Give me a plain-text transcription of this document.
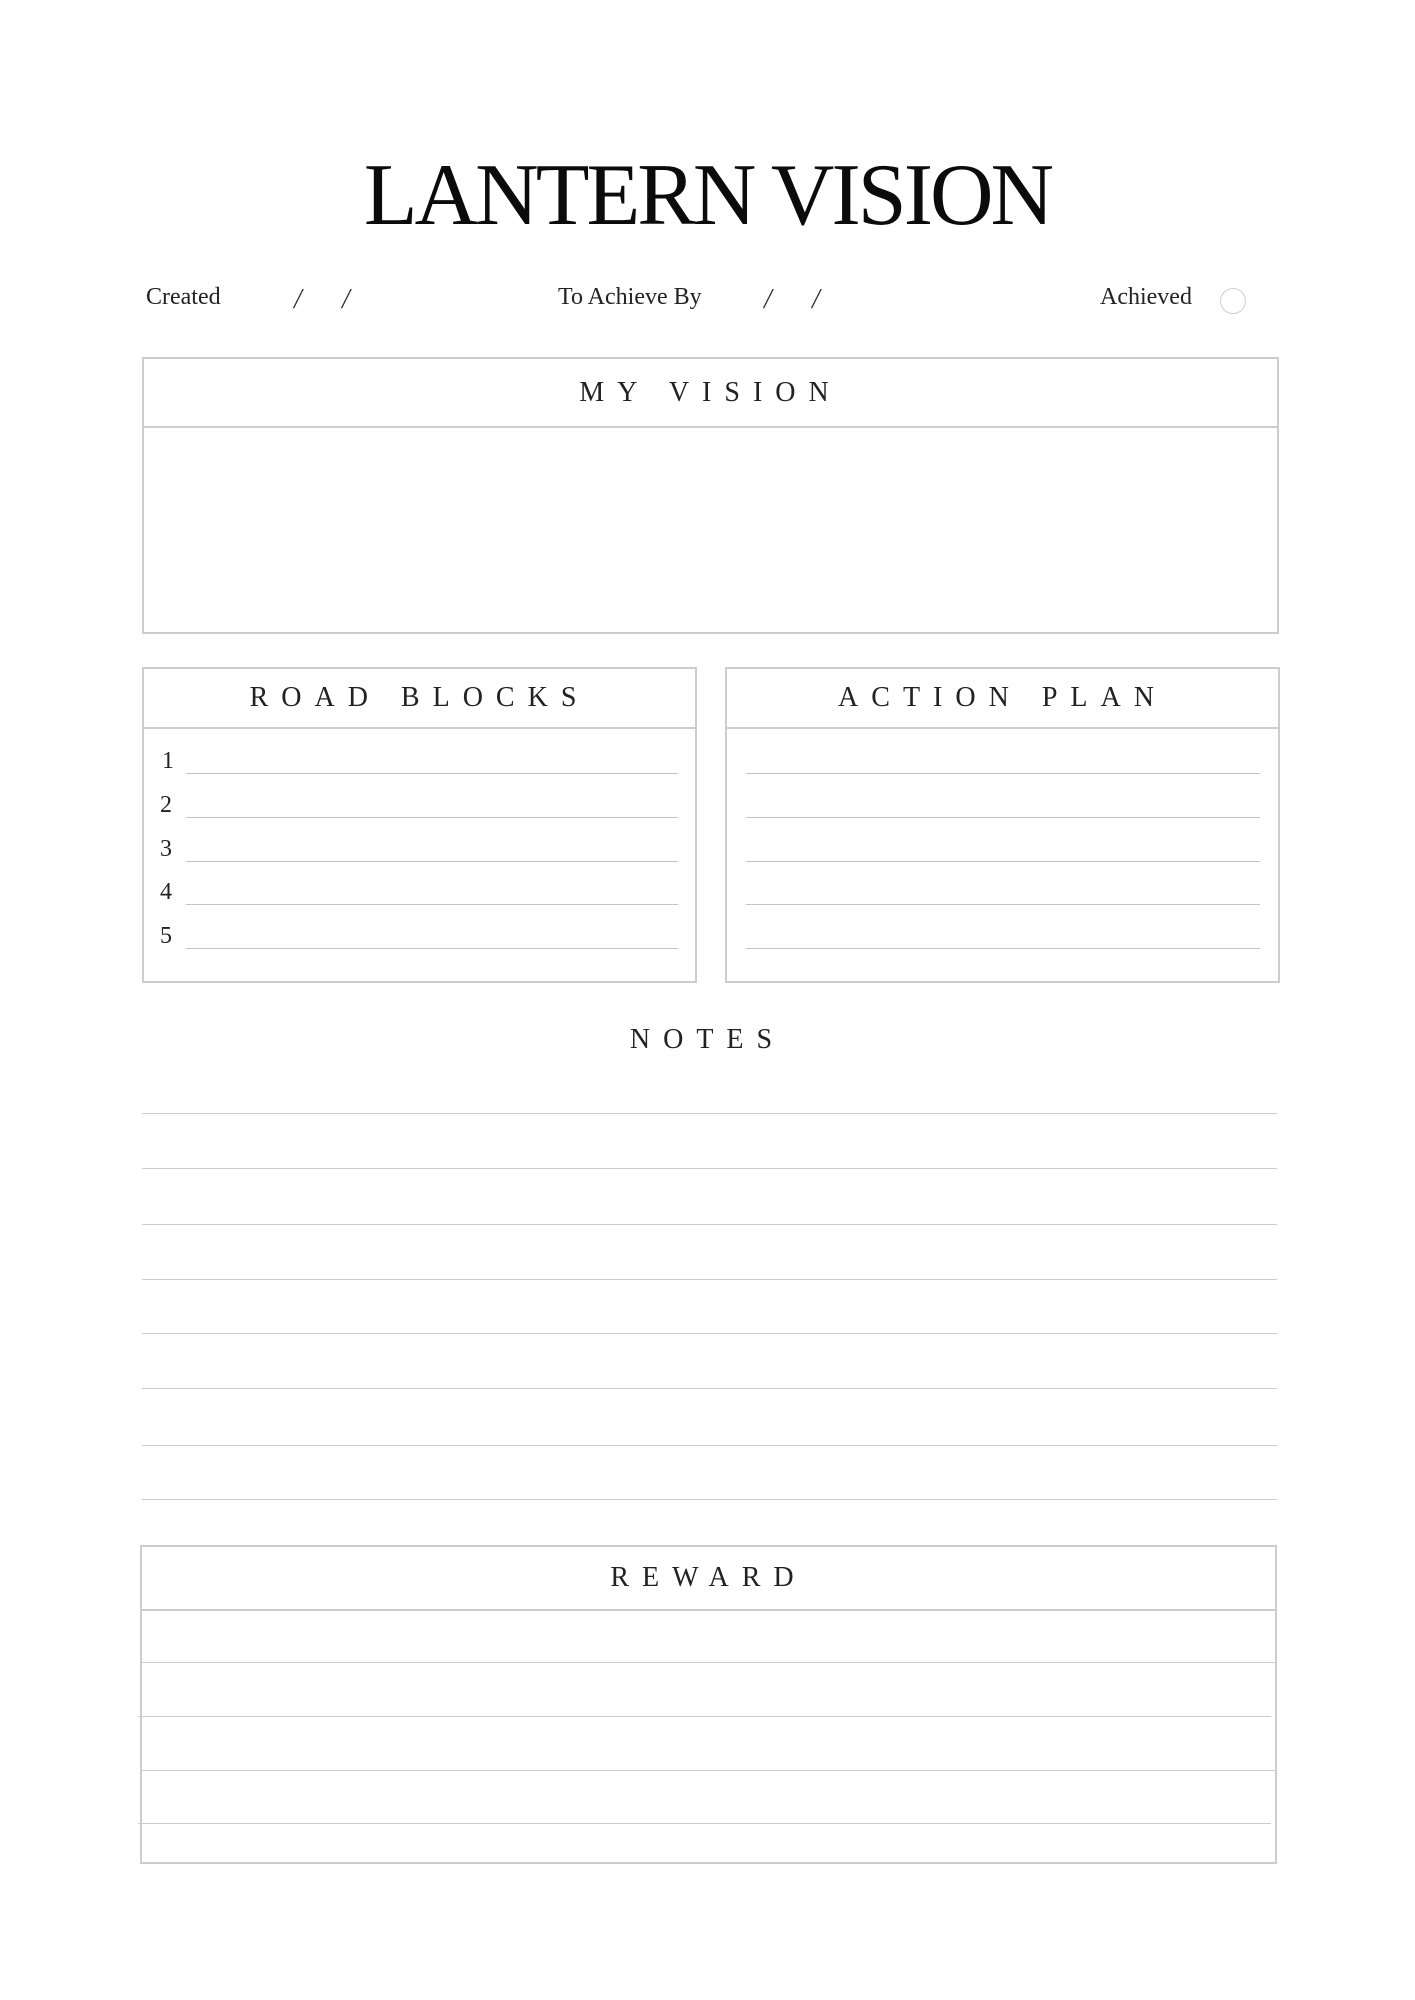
LANTERN VISION
Created	/ /	To Achieve By / /	Achieved
MY VISION
ROAD BLOCKS
1
2
3
4
5
ACTION PLAN
NOTES
REWARD
